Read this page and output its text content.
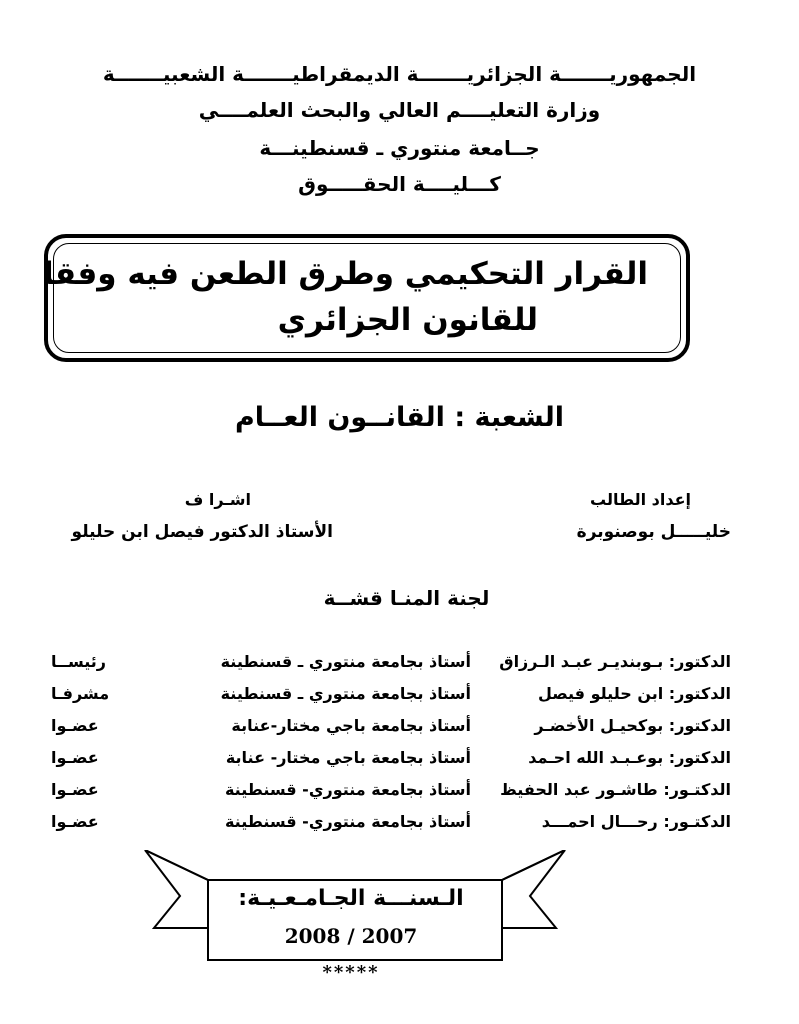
الجمهوريـــــــة الجزائريـــــــة الديمقراطيـــــــة الشعبيـــــــة
وزارة التعليــــم العالي والبحث العلمــــي
جــامعة منتوري ـ قسنطينـــة
كـــليــــة الحقـــــوق
القرار التحكيمي وطرق الطعن فيه وفقا
للقانون الجزائري
الشعبة : القانــون العــام
إعداد الطالب
خليـــــل بوصنوبرة
اشـرا ف
الأستاذ الدكتور فيصل ابن حليلو
لجنة المنـا قشــة
الدكتور: بـوبنديـر عبـد الـرزاق
أستاذ بجامعة منتوري ـ قسنطينة
رئيســا
الدكتور: ابن حليلو فيصل
أستاذ بجامعة منتوري ـ قسنطينة
مشرفـا
الدكتور: بوكحيـل الأخضـر
أستاذ بجامعة باجي مختار-عنابة
عضـوا
الدكتور: بوعـبـد الله احـمد
أستاذ بجامعة باجي مختار- عنابة
عضـوا
الدكتـور: طاشـور عبد الحفيظ
أستاذ بجامعة منتوري- قسنطينة
عضـوا
الدكتـور: رحـــال احمـــد
أستاذ بجامعة منتوري- قسنطينة
عضـوا
الـسنـــة الجـامـعـيـة:
2008 / 2007
*****
